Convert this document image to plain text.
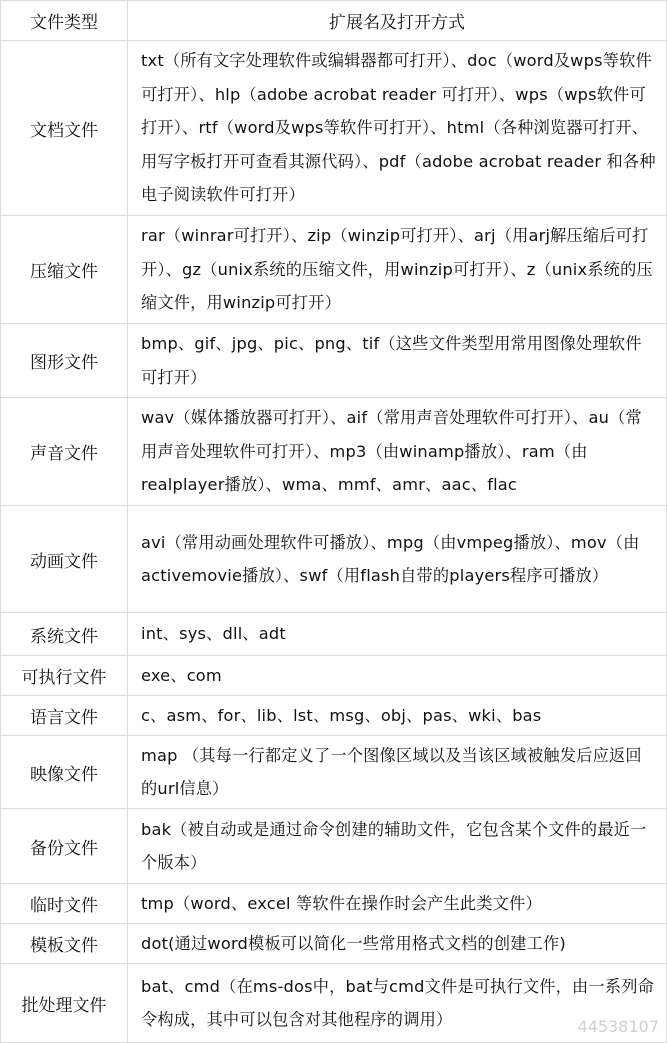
文件类型	扩展名及打开方式
文档文件	txt（所有文字处理软件或编辑器都可打开）、doc（word及wps等软件可打开）、hlp（adobe acrobat reader 可打开）、wps（wps软件可打开）、rtf（word及wps等软件可打开）、html（各种浏览器可打开、用写字板打开可查看其源代码）、pdf（adobe acrobat reader 和各种电子阅读软件可打开）
压缩文件	rar（winrar可打开）、zip（winzip可打开）、arj（用arj解压缩后可打开）、gz（unix系统的压缩文件，用winzip可打开）、z（unix系统的压缩文件，用winzip可打开）
图形文件	bmp、gif、jpg、pic、png、tif（这些文件类型用常用图像处理软件可打开）
声音文件	wav（媒体播放器可打开）、aif（常用声音处理软件可打开）、au（常用声音处理软件可打开）、mp3（由winamp播放）、ram（由realplayer播放）、wma、mmf、amr、aac、flac
动画文件	avi（常用动画处理软件可播放）、mpg（由vmpeg播放）、mov（由activemovie播放）、swf（用flash自带的players程序可播放）
系统文件	int、sys、dll、adt
可执行文件	exe、com
语言文件	c、asm、for、lib、lst、msg、obj、pas、wki、bas
映像文件	map （其每一行都定义了一个图像区域以及当该区域被触发后应返回的url信息）
备份文件	bak（被自动或是通过命令创建的辅助文件，它包含某个文件的最近一个版本）
临时文件	tmp（word、excel 等软件在操作时会产生此类文件）
模板文件	dot(通过word模板可以简化一些常用格式文档的创建工作)
批处理文件	bat、cmd（在ms-dos中，bat与cmd文件是可执行文件，由一系列命令构成，其中可以包含对其他程序的调用）	44538107
